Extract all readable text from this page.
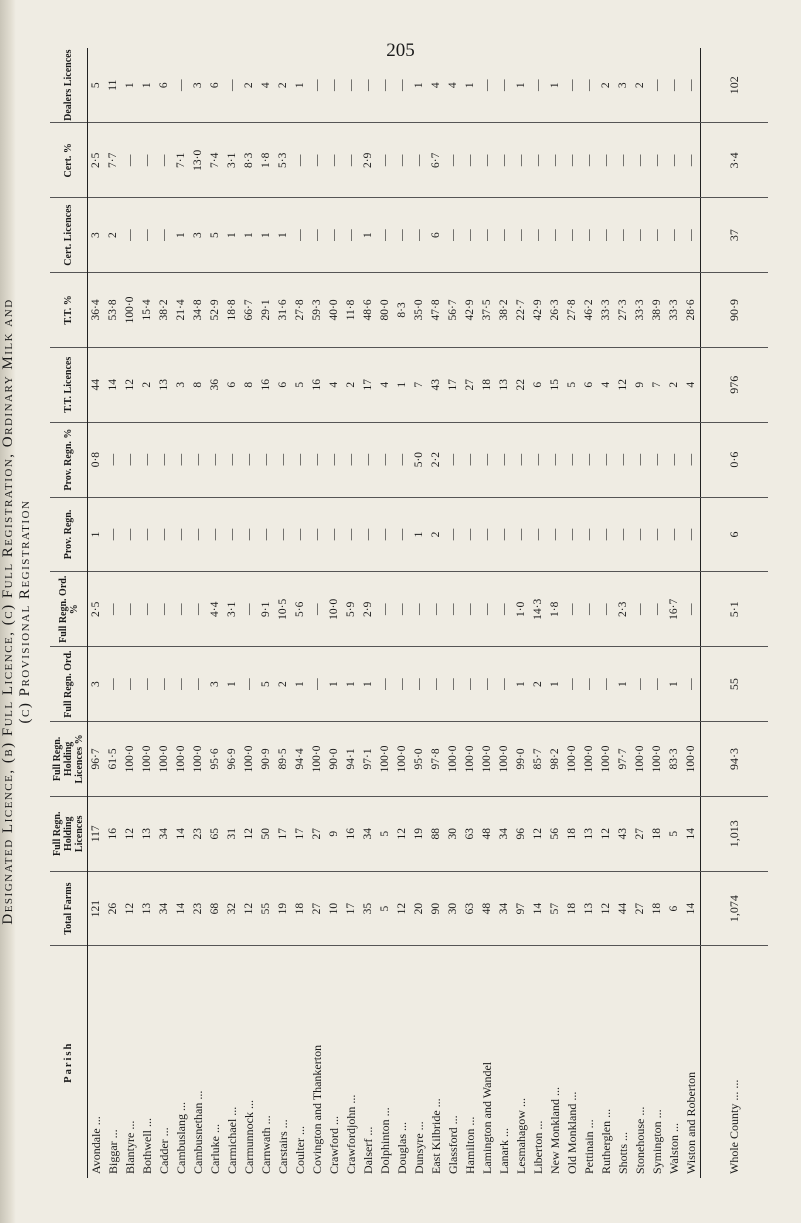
205
Designated Licence, (b) Full Licence, (c) Full Registration, Ordinary Milk and (c) Provisional Registration
Parish	Total Farms	Full Regn. Holding Licences	Full Regn. Holding Licences %	Full Regn. Ord.	Full Regn. Ord. %	Prov. Regn.	Prov. Regn. %	T.T. Licences	T.T. %	Cert. Licences	Cert. %	Dealers Licences
Avondale ...	121	117	96·7	3	2·5	1	0·8	44	36·4	3	2·5	5
Biggar ...	26	16	61·5	—	—	—	—	14	53·8	2	7·7	11
Blantyre ...	12	12	100·0	—	—	—	—	12	100·0	—	—	1
Bothwell ...	13	13	100·0	—	—	—	—	2	15·4	—	—	1
Cadder ...	34	34	100·0	—	—	—	—	13	38·2	—	—	6
Cambuslang ...	14	14	100·0	—	—	—	—	3	21·4	1	7·1	—
Cambusnethan ...	23	23	100·0	—	—	—	—	8	34·8	3	13·0	3
Carluke ...	68	65	95·6	3	4·4	—	—	36	52·9	5	7·4	6
Carmichael ...	32	31	96·9	1	3·1	—	—	6	18·8	1	3·1	—
Carmunnock ...	12	12	100·0	—	—	—	—	8	66·7	1	8·3	2
Carnwath ...	55	50	90·9	5	9·1	—	—	16	29·1	1	1·8	4
Carstairs ...	19	17	89·5	2	10·5	—	—	6	31·6	1	5·3	2
Coulter ...	18	17	94·4	1	5·6	—	—	5	27·8	—	—	1
Covington and Thankerton	27	27	100·0	—	—	—	—	16	59·3	—	—	—
Crawford ...	10	9	90·0	1	10·0	—	—	4	40·0	—	—	—
Crawfordjohn ...	17	16	94·1	1	5·9	—	—	2	11·8	—	—	—
Dalserf ...	35	34	97·1	1	2·9	—	—	17	48·6	1	2·9	—
Dolphinton ...	5	5	100·0	—	—	—	—	4	80·0	—	—	—
Douglas ...	12	12	100·0	—	—	—	—	1	8·3	—	—	—
Dunsyre ...	20	19	95·0	—	—	1	5·0	7	35·0	—	—	1
East Kilbride ...	90	88	97·8	—	—	2	2·2	43	47·8	6	6·7	4
Glassford ...	30	30	100·0	—	—	—	—	17	56·7	—	—	4
Hamilton ...	63	63	100·0	—	—	—	—	27	42·9	—	—	1
Lamington and Wandel	48	48	100·0	—	—	—	—	18	37·5	—	—	—
Lanark ...	34	34	100·0	—	—	—	—	13	38·2	—	—	—
Lesmahagow ...	97	96	99·0	1	1·0	—	—	22	22·7	—	—	1
Liberton ...	14	12	85·7	2	14·3	—	—	6	42·9	—	—	—
New Monkland ...	57	56	98·2	1	1·8	—	—	15	26·3	—	—	1
Old Monkland ...	18	18	100·0	—	—	—	—	5	27·8	—	—	—
Pettinain ...	13	13	100·0	—	—	—	—	6	46·2	—	—	—
Rutherglen ...	12	12	100·0	—	—	—	—	4	33·3	—	—	2
Shotts ...	44	43	97·7	1	2·3	—	—	12	27·3	—	—	3
Stonehouse ...	27	27	100·0	—	—	—	—	9	33·3	—	—	2
Symington ...	18	18	100·0	—	—	—	—	7	38·9	—	—	—
Walston ...	6	5	83·3	1	16·7	—	—	2	33·3	—	—	—
Wiston and Roberton	14	14	100·0	—	—	—	—	4	28·6	—	—	—
Whole County ... ...	1,074	1,013	94·3	55	5·1	6	0·6	976	90·9	37	3·4	102
